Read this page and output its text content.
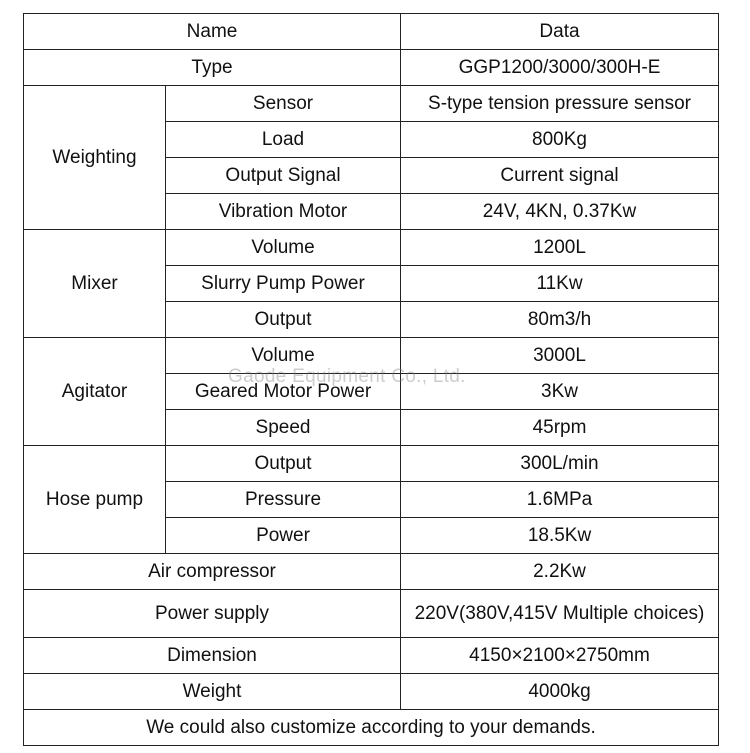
Name		Data
Type		GGP1200/3000/300H-E
Weighting	Sensor	S-type tension pressure sensor
	Load	800Kg
	Output Signal	Current signal
	Vibration Motor	24V, 4KN, 0.37Kw
Mixer	Volume	1200L
	Slurry Pump Power	11Kw
	Output	80m3/h
Agitator	Volume	3000L
	Geared Motor Power	3Kw
	Speed	45rpm
Hose pump	Output	300L/min
	Pressure	1.6MPa
	Power	18.5Kw
Air compressor		2.2Kw
Power supply		220V(380V,415V Multiple choices)
Dimension		4150×2100×2750mm
Weight		4000kg
We could also customize according to your demands.		
Gaode Equipment Co., Ltd.
